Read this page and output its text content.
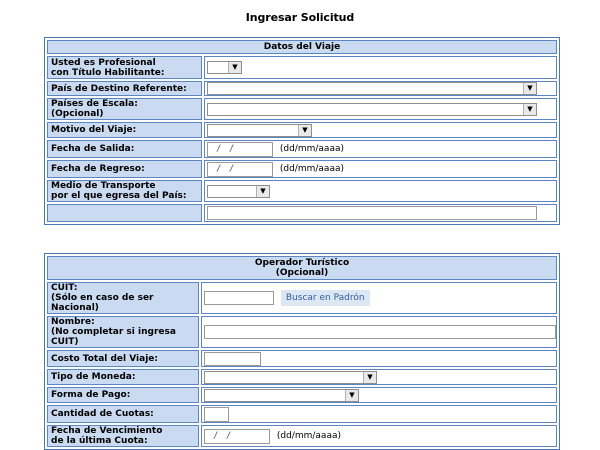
Ingresar Solicitud
Datos del Viaje	
Usted es Profesional
con Título Habilitante:	▼

País de Destino Referente:	▼

Países de Escala:
(Opcional)	▼

Motivo del Viaje:	▼

Fecha de Salida:	/ / (dd/mm/aaaa)
Fecha de Regreso:	/ / (dd/mm/aaaa)
Medio de Transporte
por el que egresa del País:	▼

Operador Turístico
(Opcional)	
CUIT:
(Sólo en caso de ser Nacional)	Buscar en Padrón
Nombre:
(No completar si ingresa CUIT)	
Costo Total del Viaje:	
Tipo de Moneda:	▼

Forma de Pago:	▼

Cantidad de Cuotas:	
Fecha de Vencimiento
de la última Cuota:	/ / (dd/mm/aaaa)
